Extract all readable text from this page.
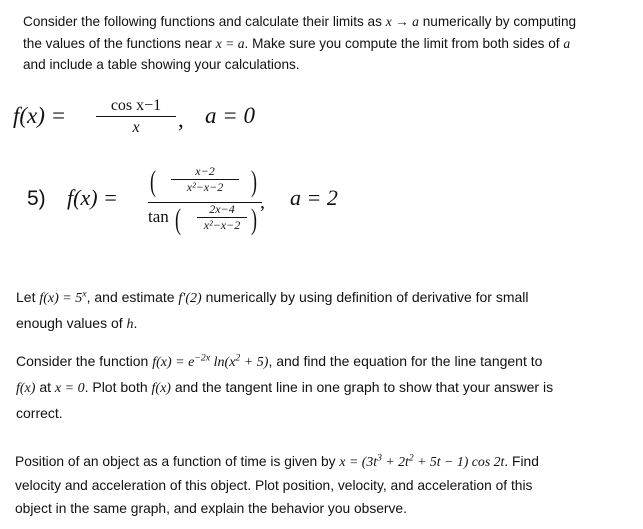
Consider the following functions and calculate their limits as x → a numerically by computing
the values of the functions near x = a. Make sure you compute the limit from both sides of a
and include a table showing your calculations.
f(x) =	cos x−1
x	, a = 0
5) f(x) = (	x−2
x²−x−2 )
tan (	2x−4
x²−x−2 )
, a = 2
Let $f(x) = 5^x$, and estimate f′(2) numerically by using definition of derivative for small
enough values of h.
Consider the function $f(x) = e^{-2x}$ $\ln(x^2 + 5)$, and find the equation for the line tangent to
f(x) at x = 0. Plot both f(x) and the tangent line in one graph to show that your answer is
correct.
Position of an object as a function of time is given by $x = (3t^3 + 2t^2 + 5t - 1)$ cos 2t. Find
velocity and acceleration of this object. Plot position, velocity, and acceleration of this
object in the same graph, and explain the behavior you observe.
